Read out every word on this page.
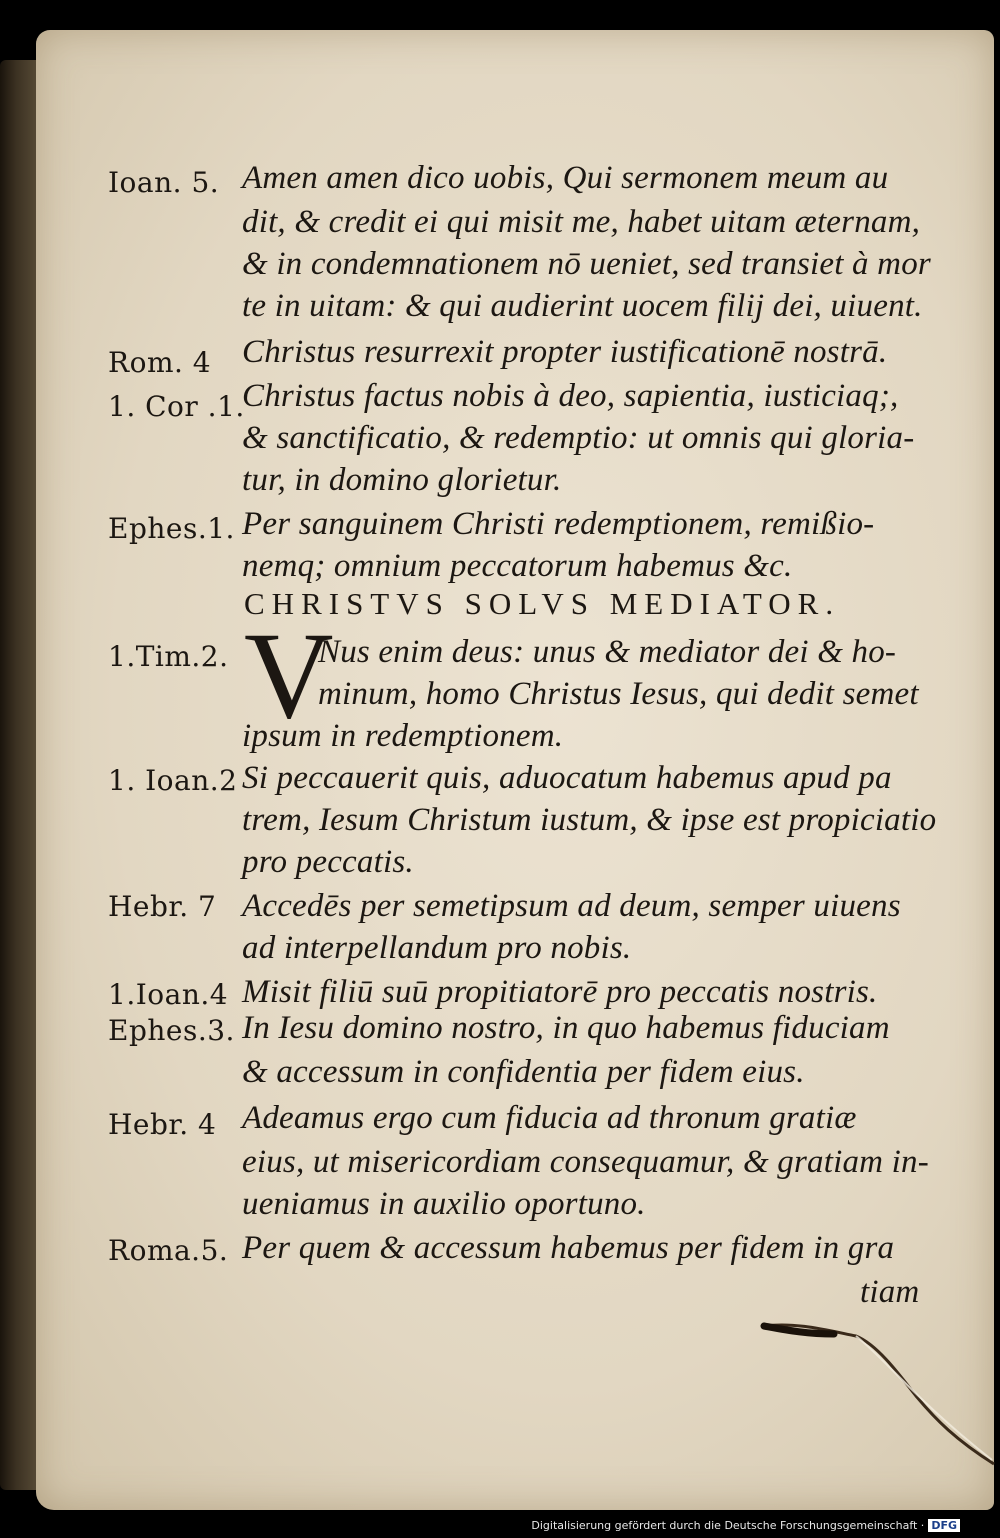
Ioan. 5.
Rom. 4
1. Cor .1.
Ephes.1.
1.Tim.2.
1. Ioan.2
Hebr. 7
1.Ioan.4
Ephes.3.
Hebr. 4
Roma.5.
Amen amen dico uobis, Qui sermonem meum au
dit, & credit ei qui misit me, habet uitam æternam,
& in condemnationem nō ueniet, sed transiet à mor
te in uitam: & qui audierint uocem filij dei, uiuent.
Christus resurrexit propter iustificationē nostrā.
Christus factus nobis à deo, sapientia, iusticiaq;,
& sanctificatio, & redemptio: ut omnis qui gloria-
tur, in domino glorietur.
Per sanguinem Christi redemptionem, remißio-
nemq; omnium peccatorum habemus &c.
CHRISTVS SOLVS MEDIATOR.
V
Nus enim deus: unus & mediator dei & ho-
minum, homo Christus Iesus, qui dedit semet
ipsum in redemptionem.
Si peccauerit quis, aduocatum habemus apud pa
trem, Iesum Christum iustum, & ipse est propiciatio
pro peccatis.
Accedēs per semetipsum ad deum, semper uiuens
ad interpellandum pro nobis.
Misit filiū suū propitiatorē pro peccatis nostris.
In Iesu domino nostro, in quo habemus fiduciam
& accessum in confidentia per fidem eius.
Adeamus ergo cum fiducia ad thronum gratiæ
eius, ut misericordiam consequamur, & gratiam in-
ueniamus in auxilio oportuno.
Per quem & accessum habemus per fidem in gra
tiam
Digitalisierung gefördert durch die Deutsche Forschungsgemeinschaft · DFG
